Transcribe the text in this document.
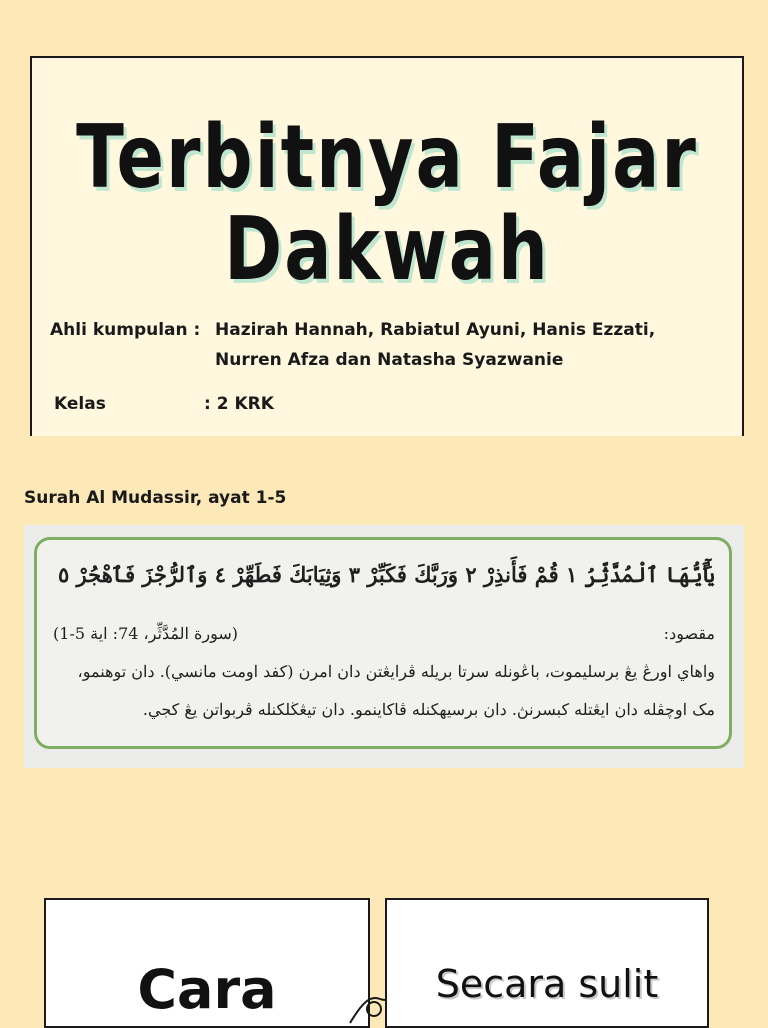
Terbitnya Fajar
Dakwah
Ahli kumpulan : Hazirah Hannah, Rabiatul Ayuni, Hanis Ezzati,
Nurren Afza dan Natasha Syazwanie
Kelas	: 2 KRK
Surah Al Mudassir, ayat 1-5
يَٰٓأَيُّهَا ٱلْمُدَّثِّرُ ١ قُمْ فَأَنذِرْ ٢ وَرَبَّكَ فَكَبِّرْ ٣ وَثِيَابَكَ فَطَهِّرْ ٤ وَٱلرُّجْزَ فَٱهْجُرْ ٥
(سورة المُدَّثِّر، 74: اية 5-1)	مقصود:
واهاي اورڠ يڠ برسليموت، باڠونله سرتا بريله ڤرايڠتن دان امرن (کفد اومت مانسي). دان توهنمو،
مک اوچڤله دان ايڠتله کبسرنڽ. دان برسيهکنله ڤاکاينمو. دان تيڠڬلکنله ڤربواتن يڠ کجي.
Cara	Secara sulit
